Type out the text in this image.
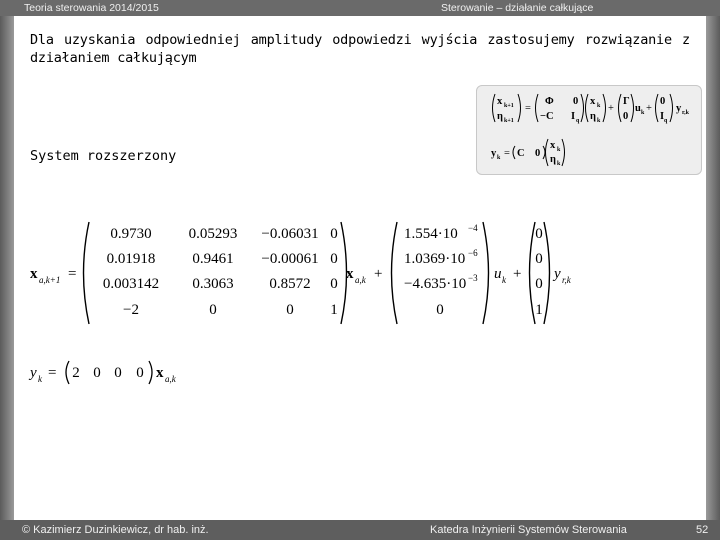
Teoria sterowania 2014/2015	Sterowanie – działanie całkujące
Dla uzyskania odpowiedniej amplitudy odpowiedzi wyjścia zastosujemy rozwiązanie z działaniem całkującym
System rozszerzony
x k+1
η k+1
=
Φ 0
−C I q
x k
η k
+
Γ
0
u k +
0
I q
y r,k
y k = C 0
x k
η k
x a,k+1 =
0.9730 0.05293 −0.06031 0
0.01918 0.9461 −0.00061 0
0.003142 0.3063 0.8572 0
−2	0	0 1
x a,k +
1.554·10 −4
1.0369·10 −6
−4.635·10 −3
0
u k +
0
0
0
1
y r,k
y k = 2 0 0 0 x a,k
© Kazimierz Duzinkiewicz, dr hab. inż.	Katedra Inżynierii Systemów Sterowania	52
